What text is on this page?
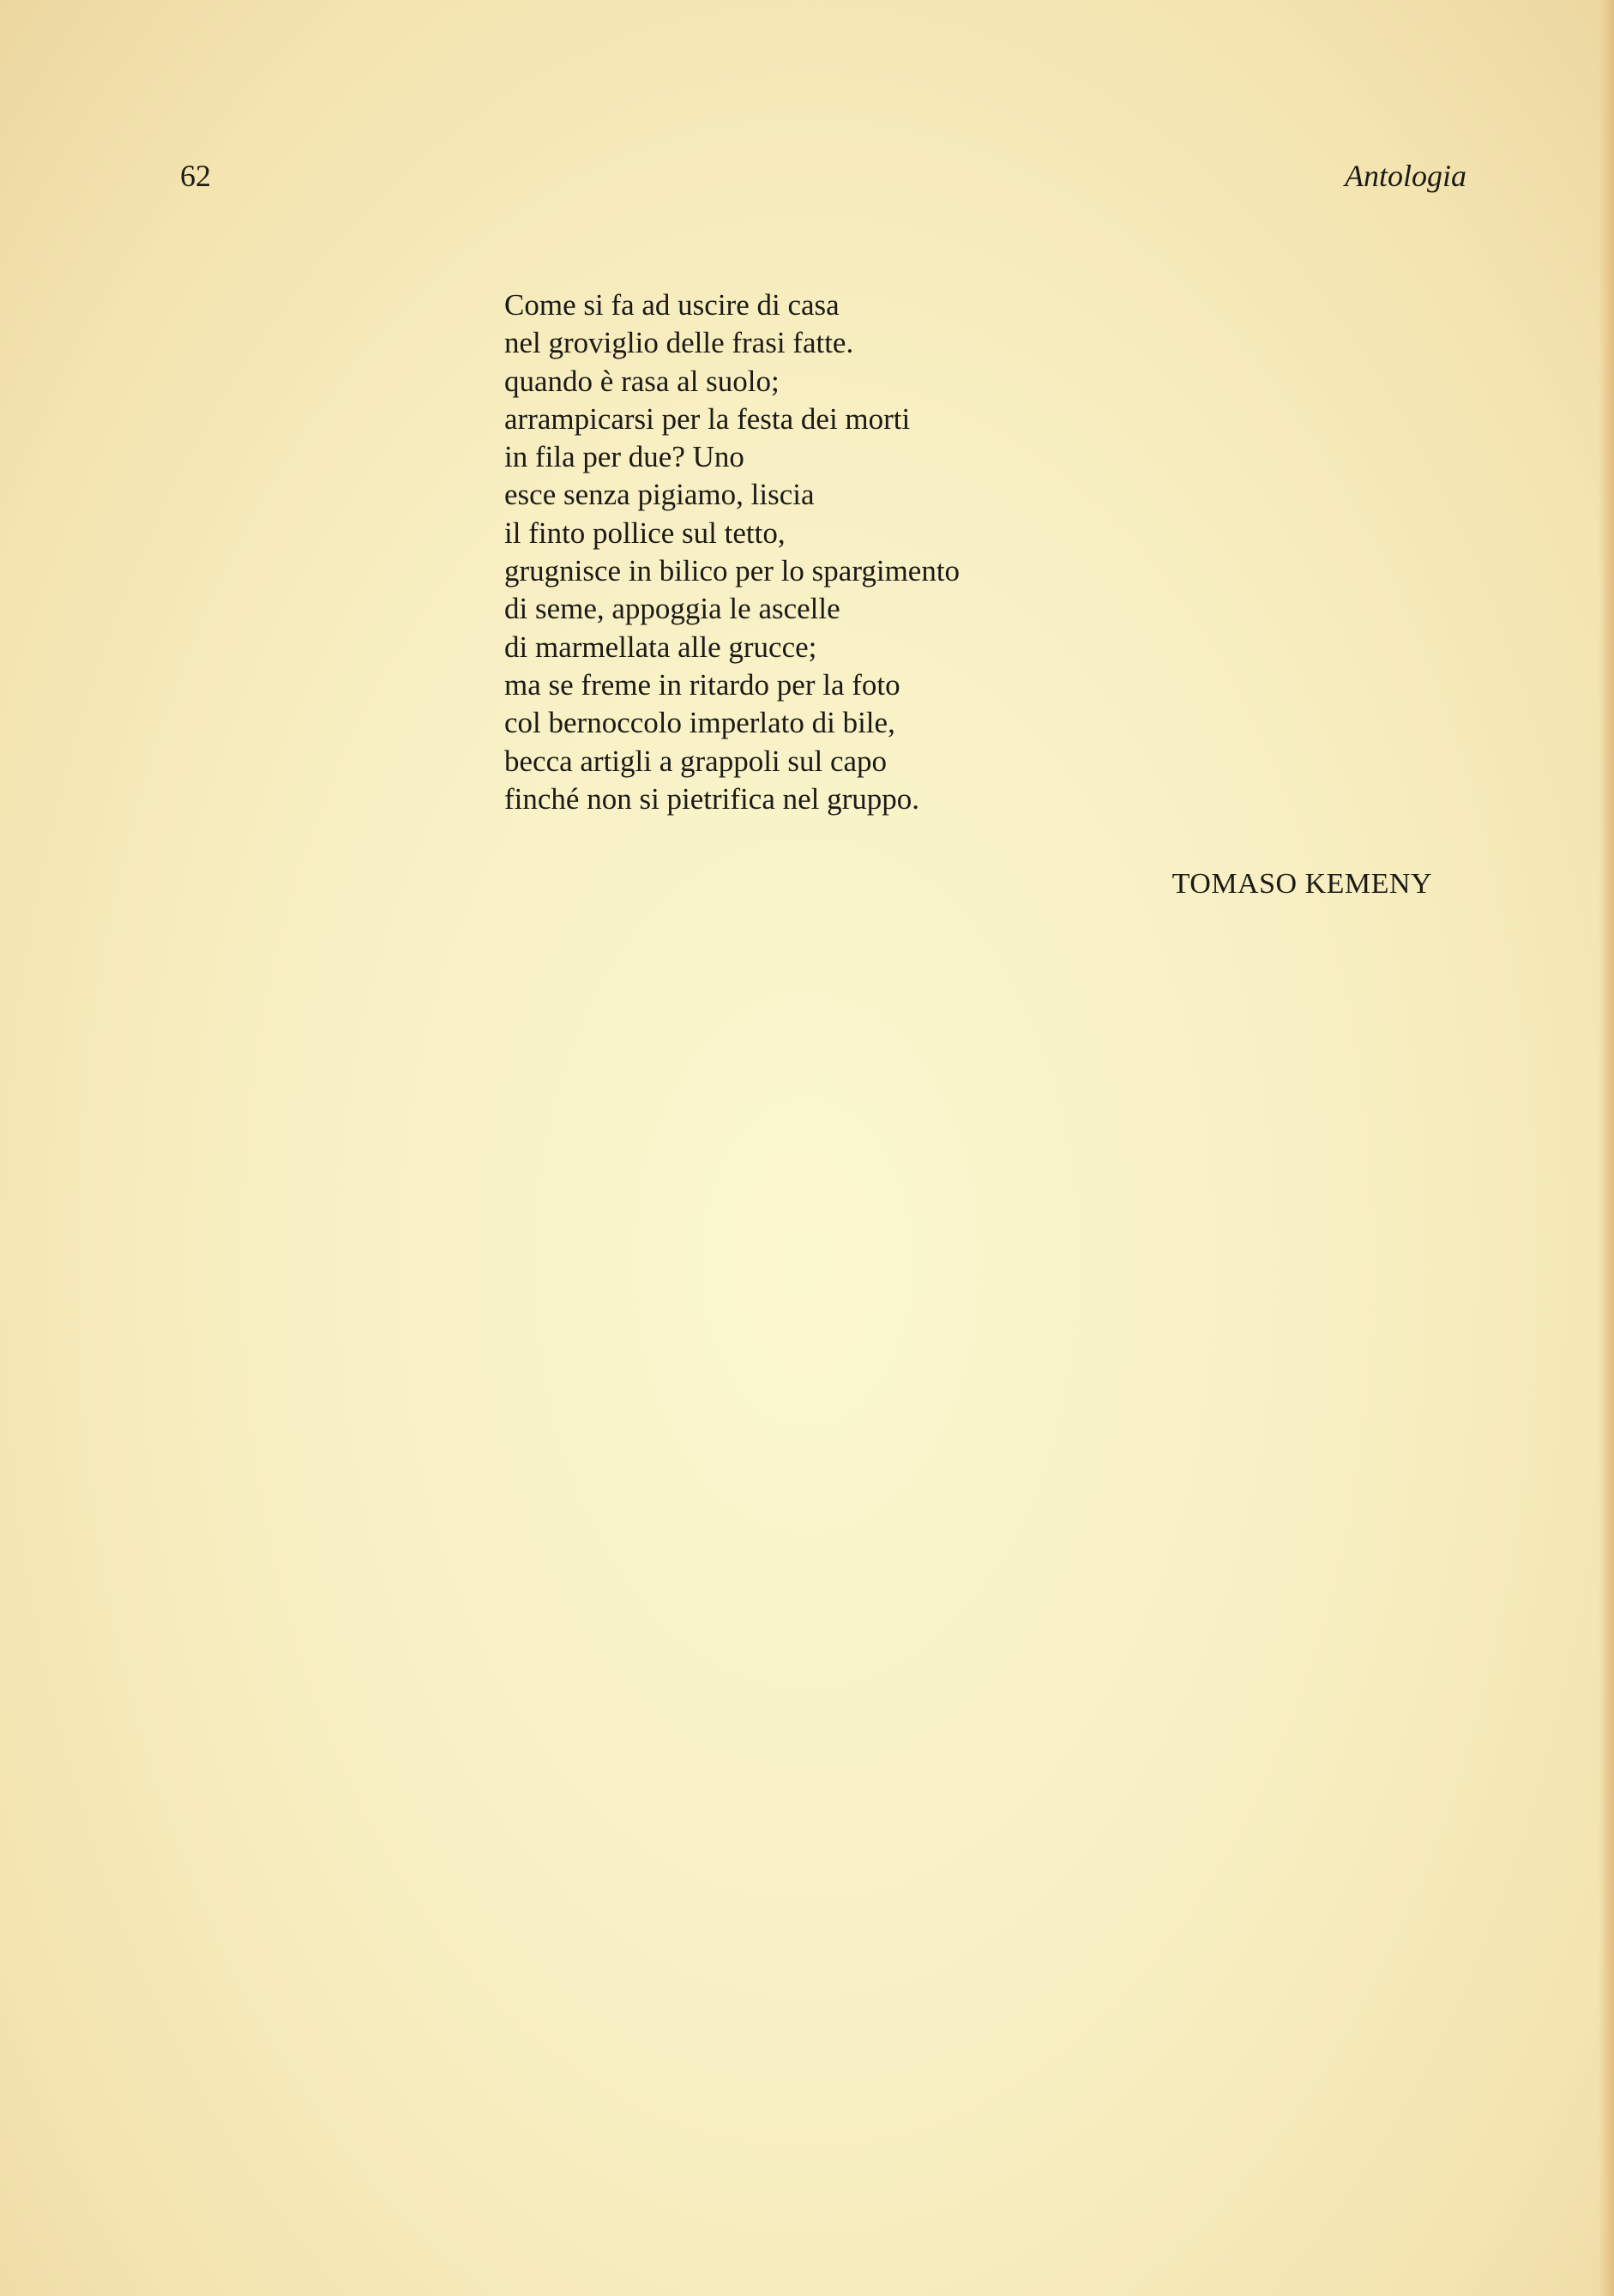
62	Antologia
Come si fa ad uscire di casa
nel groviglio delle frasi fatte.
quando è rasa al suolo;
arrampicarsi per la festa dei morti
in fila per due? Uno
esce senza pigiamo, liscia
il finto pollice sul tetto,
grugnisce in bilico per lo spargimento
di seme, appoggia le ascelle
di marmellata alle grucce;
ma se freme in ritardo per la foto
col bernoccolo imperlato di bile,
becca artigli a grappoli sul capo
finché non si pietrifica nel gruppo.
TOMASO KEMENY
